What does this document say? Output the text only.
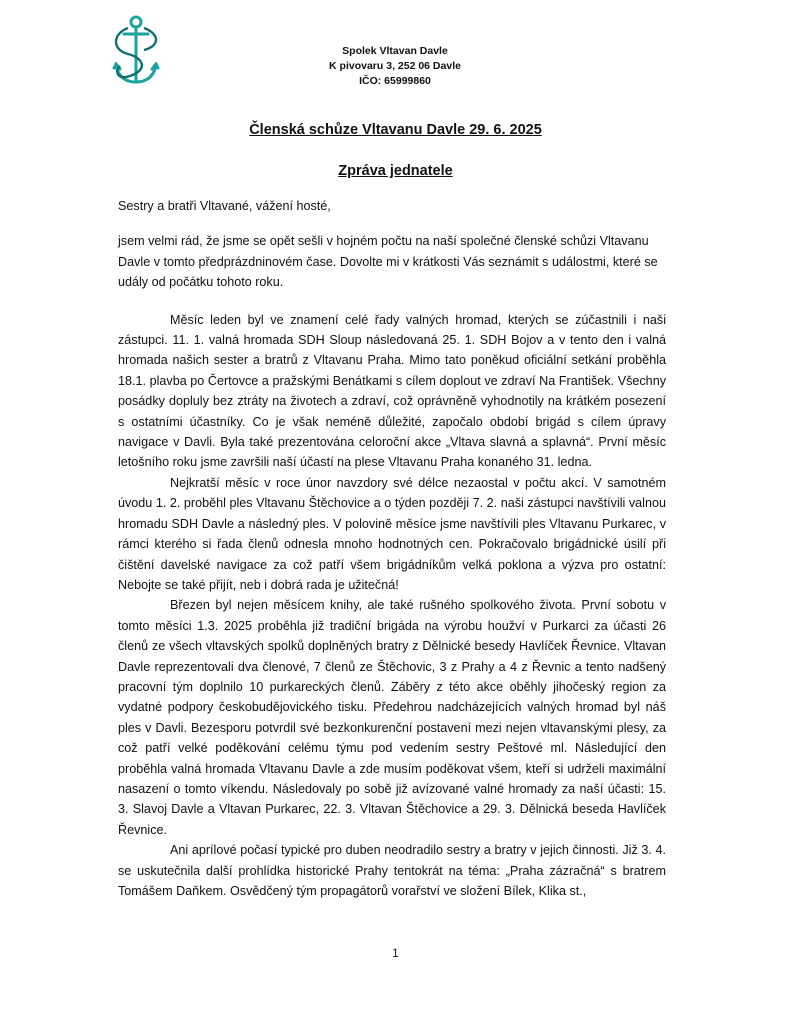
Spolek Vltavan Davle
K pivovaru 3, 252 06 Davle
IČO: 65999860
Členská schůze Vltavanu Davle 29. 6. 2025
Zpráva jednatele

Sestry a bratři Vltavané, vážení hosté,

jsem velmi rád, že jsme se opět sešli v hojném počtu na naší společné členské schůzi Vltavanu Davle v tomto předprázdninovém čase. Dovolte mi v krátkosti Vás seznámit s událostmi, které se udály od počátku tohoto roku.

Měsíc leden byl ve znamení celé řady valných hromad, kterých se zúčastnili i naši zástupci. 11. 1. valná hromada SDH Sloup následovaná 25. 1. SDH Bojov a v tento den i valná hromada našich sester a bratrů z Vltavanu Praha. Mimo tato poněkud oficiální setkání proběhla 18.1. plavba po Čertovce a pražskými Benátkami s cílem doplout ve zdraví Na František. Všechny posádky dopluly bez ztráty na životech a zdraví, což oprávněně vyhodnotily na krátkém posezení s ostatními účastníky. Co je však neméně důležité, započalo období brigád s cílem úpravy navigace v Davli. Byla také prezentována celoroční akce „Vltava slavná a splavná“. První měsíc letošního roku jsme završili naší účastí na plese Vltavanu Praha konaného 31. ledna.

Nejkratší měsíc v roce únor navzdory své délce nezaostal v počtu akcí. V samotném úvodu 1. 2. proběhl ples Vltavanu Štěchovice a o týden později 7. 2. naši zástupci navštívili valnou hromadu SDH Davle a následný ples. V polovině měsíce jsme navštívili ples Vltavanu Purkarec, v rámci kterého si řada členů odnesla mnoho hodnotných cen. Pokračovalo brigádnické úsilí při čištění davelské navigace za což patří všem brigádníkům velká poklona a výzva pro ostatní: Nebojte se také přijít, neb i dobrá rada je užitečná!

Březen byl nejen měsícem knihy, ale také rušného spolkového života. První sobotu v tomto měsíci 1.3. 2025 proběhla již tradiční brigáda na výrobu houžví v Purkarci za účasti 26 členů ze všech vltavských spolků doplněných bratry z Dělnické besedy Havlíček Řevnice. Vltavan Davle reprezentovali dva členové, 7 členů ze Štěchovic, 3 z Prahy a 4 z Řevnic a tento nadšený pracovní tým doplnilo 10 purkareckých členů. Záběry z této akce oběhly jihočeský region za vydatné podpory českobudějovického tisku. Předehrou nadcházejících valných hromad byl náš ples v Davli. Bezesporu potvrdil své bezkonkurenční postavení mezi nejen vltavanskými plesy, za což patří velké poděkování celému týmu pod vedením sestry Peštové ml. Následující den proběhla valná hromada Vltavanu Davle a zde musím poděkovat všem, kteří si udrželi maximální nasazení o tomto víkendu. Následovaly po sobě již avízované valné hromady za naší účasti: 15. 3. Slavoj Davle a Vltavan Purkarec, 22. 3. Vltavan Štěchovice a 29. 3. Dělnická beseda Havlíček Řevnice.

Ani aprílové počasí typické pro duben neodradilo sestry a bratry v jejich činnosti. Již 3. 4. se uskutečnila další prohlídka historické Prahy tentokrát na téma: „Praha zázračná“ s bratrem Tomášem Daňkem. Osvědčený tým propagátorů vorařství ve složení Bílek, Klika st.,

1
